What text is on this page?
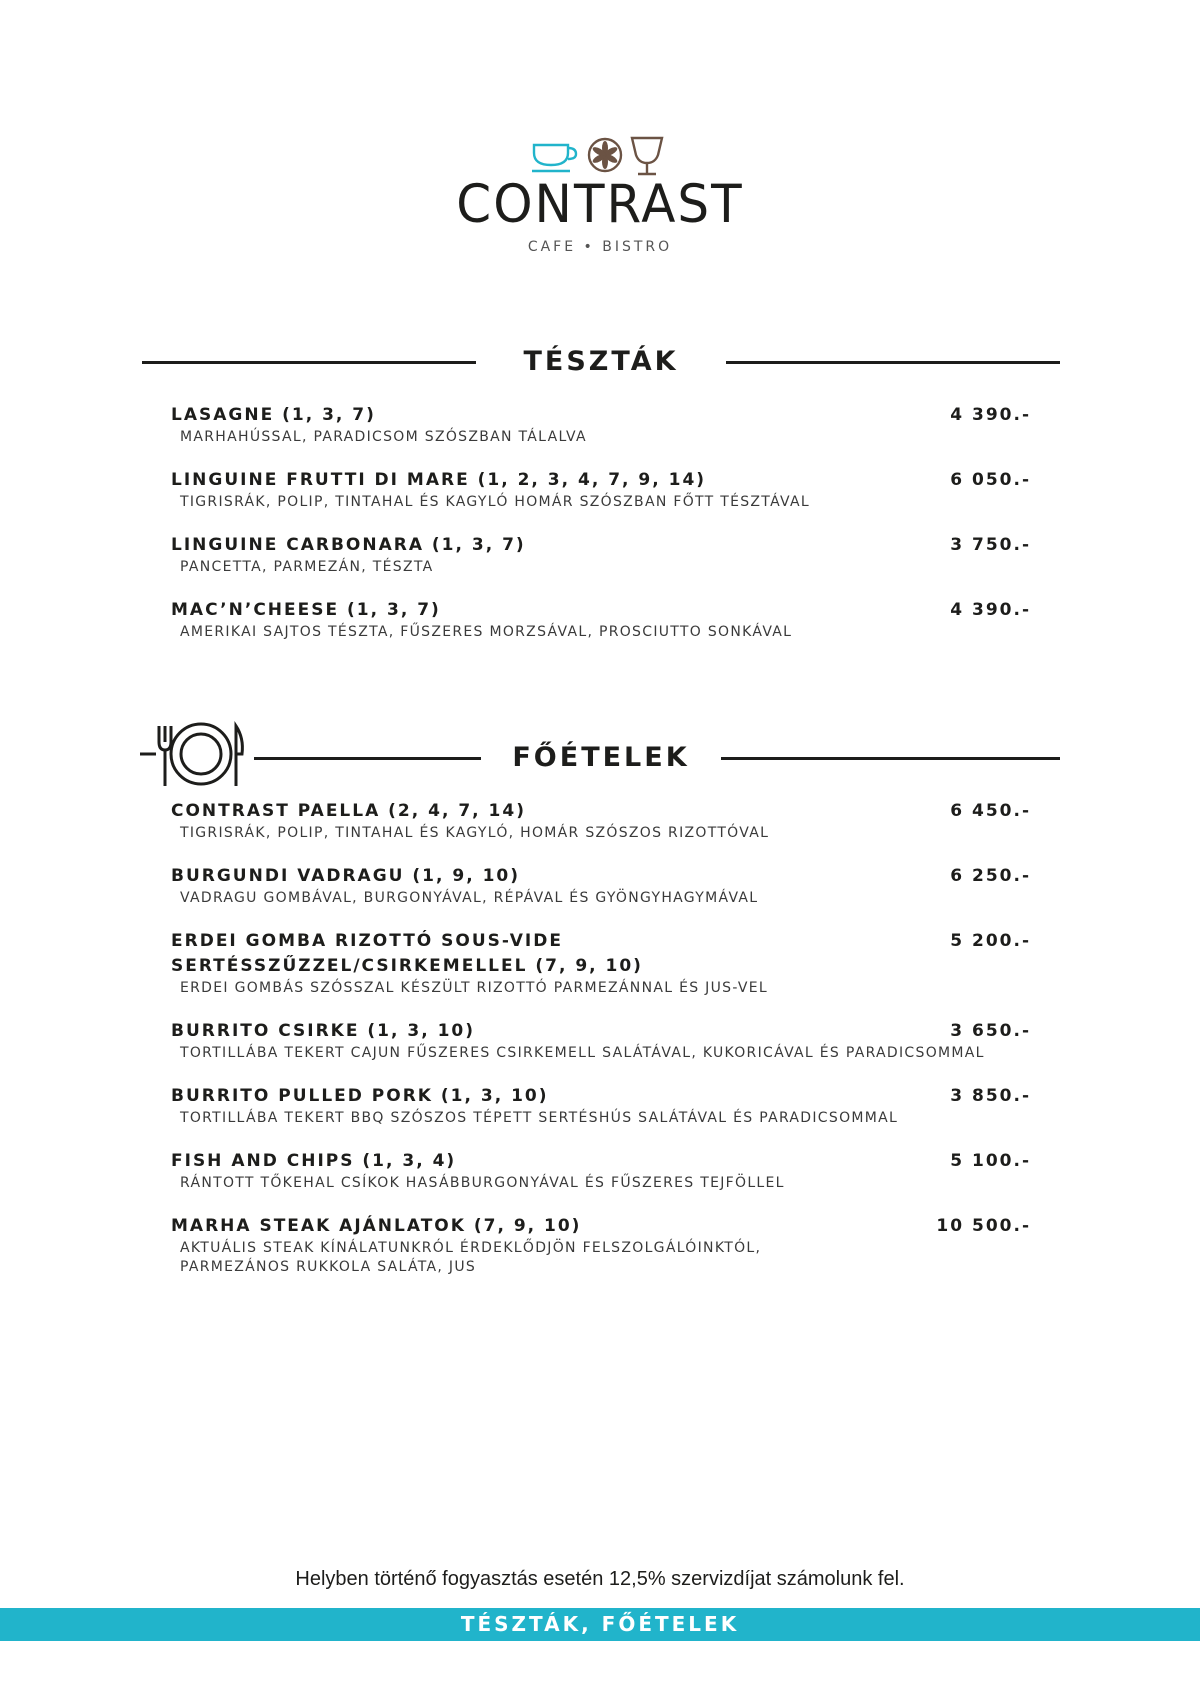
CONTRAST
CAFE • BISTRO
TÉSZTÁK
LASAGNE (1, 3, 7)	4 390.-
MARHAHÚSSAL, PARADICSOM SZÓSZBAN TÁLALVA
LINGUINE FRUTTI DI MARE (1, 2, 3, 4, 7, 9, 14)	6 050.-
TIGRISRÁK, POLIP, TINTAHAL ÉS KAGYLÓ HOMÁR SZÓSZBAN FŐTT TÉSZTÁVAL
LINGUINE CARBONARA (1, 3, 7)	3 750.-
PANCETTA, PARMEZÁN, TÉSZTA
MAC’N’CHEESE (1, 3, 7)	4 390.-
AMERIKAI SAJTOS TÉSZTA, FŰSZERES MORZSÁVAL, PROSCIUTTO SONKÁVAL
FŐÉTELEK
CONTRAST PAELLA (2, 4, 7, 14)	6 450.-
TIGRISRÁK, POLIP, TINTAHAL ÉS KAGYLÓ, HOMÁR SZÓSZOS RIZOTTÓVAL
BURGUNDI VADRAGU (1, 9, 10)	6 250.-
VADRAGU GOMBÁVAL, BURGONYÁVAL, RÉPÁVAL ÉS GYÖNGYHAGYMÁVAL
ERDEI GOMBA RIZOTTÓ SOUS-VIDE SERTÉSSZŰZZEL/CSIRKEMELLEL (7, 9, 10)
5 200.-
ERDEI GOMBÁS SZÓSSZAL KÉSZÜLT RIZOTTÓ PARMEZÁNNAL ÉS JUS-VEL
BURRITO CSIRKE (1, 3, 10)	3 650.-
TORTILLÁBA TEKERT CAJUN FŰSZERES CSIRKEMELL SALÁTÁVAL, KUKORICÁVAL ÉS PARADICSOMMAL
BURRITO PULLED PORK (1, 3, 10)	3 850.-
TORTILLÁBA TEKERT BBQ SZÓSZOS TÉPETT SERTÉSHÚS SALÁTÁVAL ÉS PARADICSOMMAL
FISH AND CHIPS (1, 3, 4)	5 100.-
RÁNTOTT TŐKEHAL CSÍKOK HASÁBBURGONYÁVAL ÉS FŰSZERES TEJFÖLLEL
MARHA STEAK AJÁNLATOK (7, 9, 10)	10 500.-
AKTUÁLIS STEAK KÍNÁLATUNKRÓL ÉRDEKLŐDJÖN FELSZOLGÁLÓINKTÓL, PARMEZÁNOS RUKKOLA SALÁTA, JUS
Helyben történő fogyasztás esetén 12,5% szervizdíjat számolunk fel.
TÉSZTÁK, FŐÉTELEK
